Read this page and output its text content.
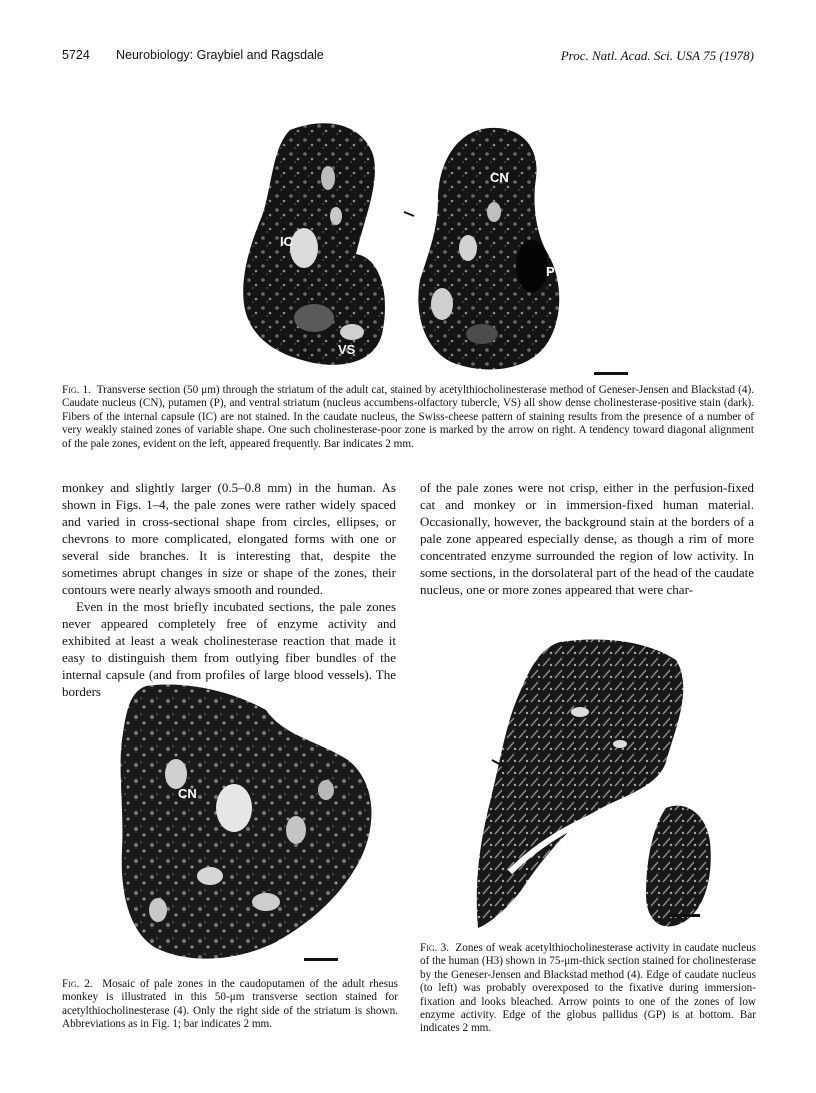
5724 Neurobiology: Graybiel and Ragsdale	Proc. Natl. Acad. Sci. USA 75 (1978)
CN
IC
P
VS
Fig. 1. Transverse section (50 μm) through the striatum of the adult cat, stained by acetylthiocholinesterase method of Geneser-Jensen and Blackstad (4). Caudate nucleus (CN), putamen (P), and ventral striatum (nucleus accumbens-olfactory tubercle, VS) all show dense cholinesterase-positive stain (dark). Fibers of the internal capsule (IC) are not stained. In the caudate nucleus, the Swiss-cheese pattern of staining results from the presence of a number of very weakly stained zones of variable shape. One such cholinesterase-poor zone is marked by the arrow on right. A tendency toward diagonal alignment of the pale zones, evident on the left, appeared frequently. Bar indicates 2 mm.

monkey and slightly larger (0.5–0.8 mm) in the human. As shown in Figs. 1–4, the pale zones were rather widely spaced and varied in cross-sectional shape from circles, ellipses, or chevrons to more complicated, elongated forms with one or several side branches. It is interesting that, despite the sometimes abrupt changes in size or shape of the zones, their contours were nearly always smooth and rounded.

Even in the most briefly incubated sections, the pale zones never appeared completely free of enzyme activity and exhibited at least a weak cholinesterase reaction that made it easy to distinguish them from outlying fiber bundles of the internal capsule (and from profiles of large blood vessels). The borders

of the pale zones were not crisp, either in the perfusion-fixed cat and monkey or in immersion-fixed human material. Occasionally, however, the background stain at the borders of a pale zone appeared especially dense, as though a rim of more concentrated enzyme surrounded the region of low activity. In some sections, in the dorsolateral part of the head of the caudate nucleus, one or more zones appeared that were char-

CN
Fig. 2. Mosaic of pale zones in the caudoputamen of the adult rhesus monkey is illustrated in this 50-μm transverse section stained for acetylthiocholinesterase (4). Only the right side of the striatum is shown. Abbreviations as in Fig. 1; bar indicates 2 mm.
GP
Fig. 3. Zones of weak acetylthiocholinesterase activity in caudate nucleus of the human (H3) shown in 75-μm-thick section stained for cholinesterase by the Geneser-Jensen and Blackstad method (4). Edge of caudate nucleus (to left) was probably overexposed to the fixative during immersion-fixation and looks bleached. Arrow points to one of the zones of low enzyme activity. Edge of the globus pallidus (GP) is at bottom. Bar indicates 2 mm.
